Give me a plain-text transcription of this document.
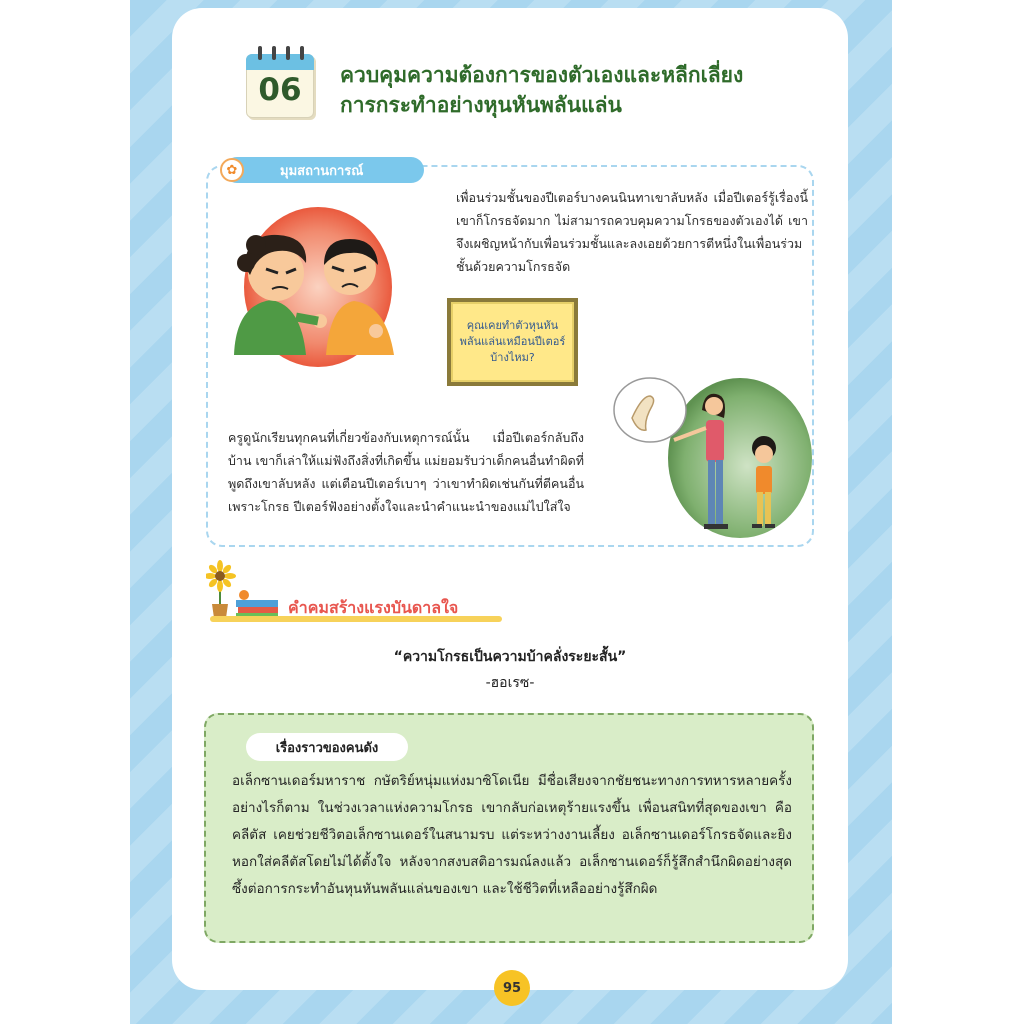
06	ควบคุมความต้องการของตัวเองและหลีกเลี่ยง
การกระทำอย่างหุนหันพลันแล่น
✿	มุมสถานการณ์
เพื่อนร่วมชั้นของปีเตอร์บางคนนินทาเขาลับหลัง เมื่อปีเตอร์รู้เรื่องนี้ เขาก็โกรธจัดมาก ไม่สามารถควบคุมความโกรธของตัวเองได้ เขาจึงเผชิญหน้ากับเพื่อนร่วมชั้นและลงเอยด้วยการตีหนึ่งในเพื่อนร่วมชั้นด้วยความโกรธจัด
คุณเคยทำตัวหุนหันพลันแล่นเหมือนปีเตอร์บ้างไหม?
ครูดูนักเรียนทุกคนที่เกี่ยวข้องกับเหตุการณ์นั้น เมื่อปีเตอร์กลับถึงบ้าน เขาก็เล่าให้แม่ฟังถึงสิ่งที่เกิดขึ้น แม่ยอมรับว่าเด็กคนอื่นทำผิดที่พูดถึงเขาลับหลัง แต่เตือนปีเตอร์เบาๆ ว่าเขาทำผิดเช่นกันที่ตีคนอื่นเพราะโกรธ ปีเตอร์ฟังอย่างตั้งใจและนำคำแนะนำของแม่ไปใส่ใจ
คำคมสร้างแรงบันดาลใจ
“ความโกรธเป็นความบ้าคลั่งระยะสั้น”
-ฮอเรซ-
เรื่องราวของคนดัง
อเล็กซานเดอร์มหาราช กษัตริย์หนุ่มแห่งมาซิโดเนีย มีชื่อเสียงจากชัยชนะทางการทหารหลายครั้ง อย่างไรก็ตาม ในช่วงเวลาแห่งความโกรธ เขากลับก่อเหตุร้ายแรงขึ้น เพื่อนสนิทที่สุดของเขา คือ คลีตัส เคยช่วยชีวิตอเล็กซานเดอร์ในสนามรบ แต่ระหว่างงานเลี้ยง อเล็กซานเดอร์โกรธจัดและยิงหอกใส่คลีตัสโดยไม่ได้ตั้งใจ หลังจากสงบสติอารมณ์ลงแล้ว อเล็กซานเดอร์ก็รู้สึกสำนึกผิดอย่างสุดซึ้งต่อการกระทำอันหุนหันพลันแล่นของเขา และใช้ชีวิตที่เหลืออย่างรู้สึกผิด
95
